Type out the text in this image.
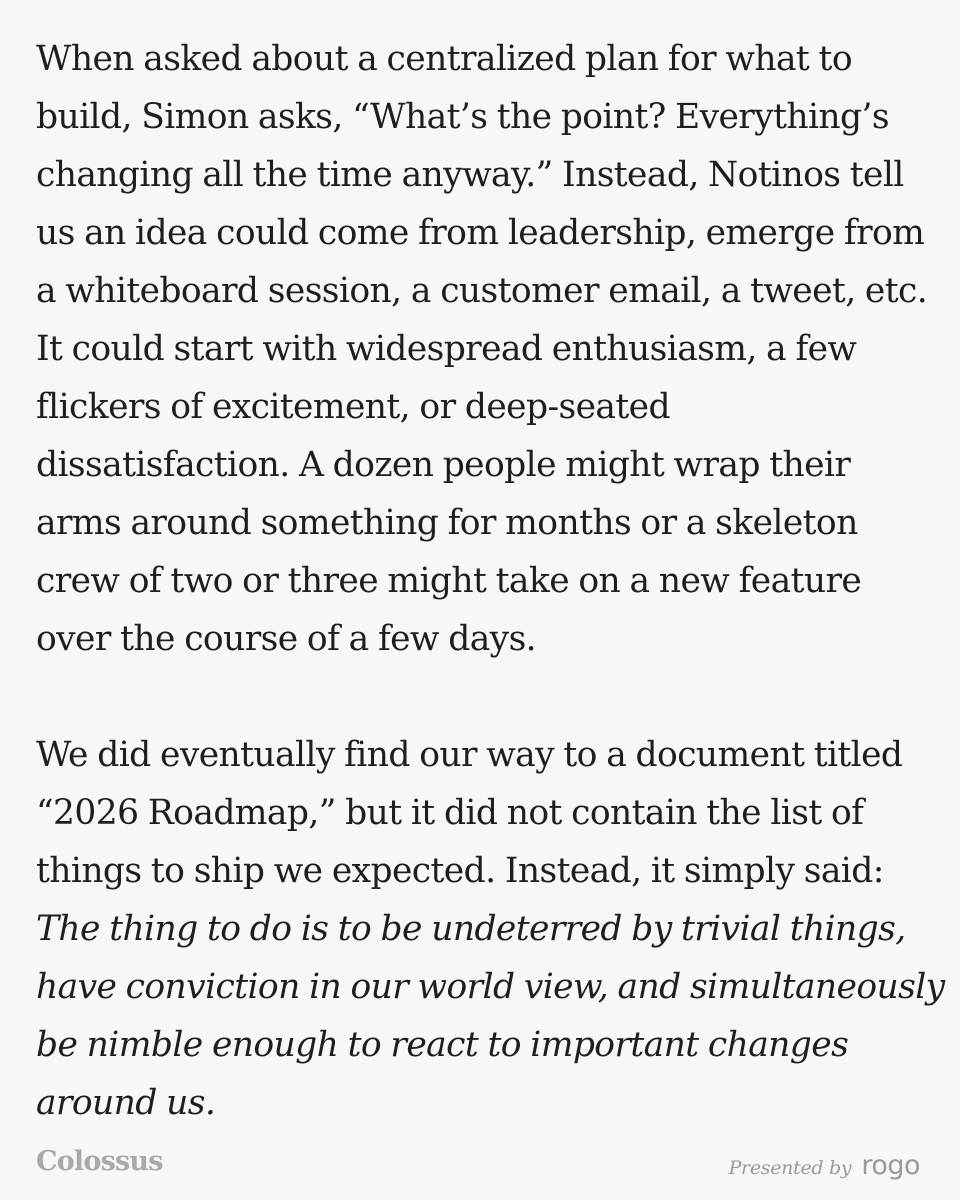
When asked about a centralized plan for what to
build, Simon asks, “What’s the point? Everything’s
changing all the time anyway.” Instead, Notinos tell
us an idea could come from leadership, emerge from
a whiteboard session, a customer email, a tweet, etc.
It could start with widespread enthusiasm, a few
flickers of excitement, or deep-seated
dissatisfaction. A dozen people might wrap their
arms around something for months or a skeleton
crew of two or three might take on a new feature
over the course of a few days.
We did eventually find our way to a document titled
“2026 Roadmap,” but it did not contain the list of
things to ship we expected. Instead, it simply said:
The thing to do is to be undeterred by trivial things,
have conviction in our world view, and simultaneously
be nimble enough to react to important changes
around us.
Colossus	Presented by rogo
